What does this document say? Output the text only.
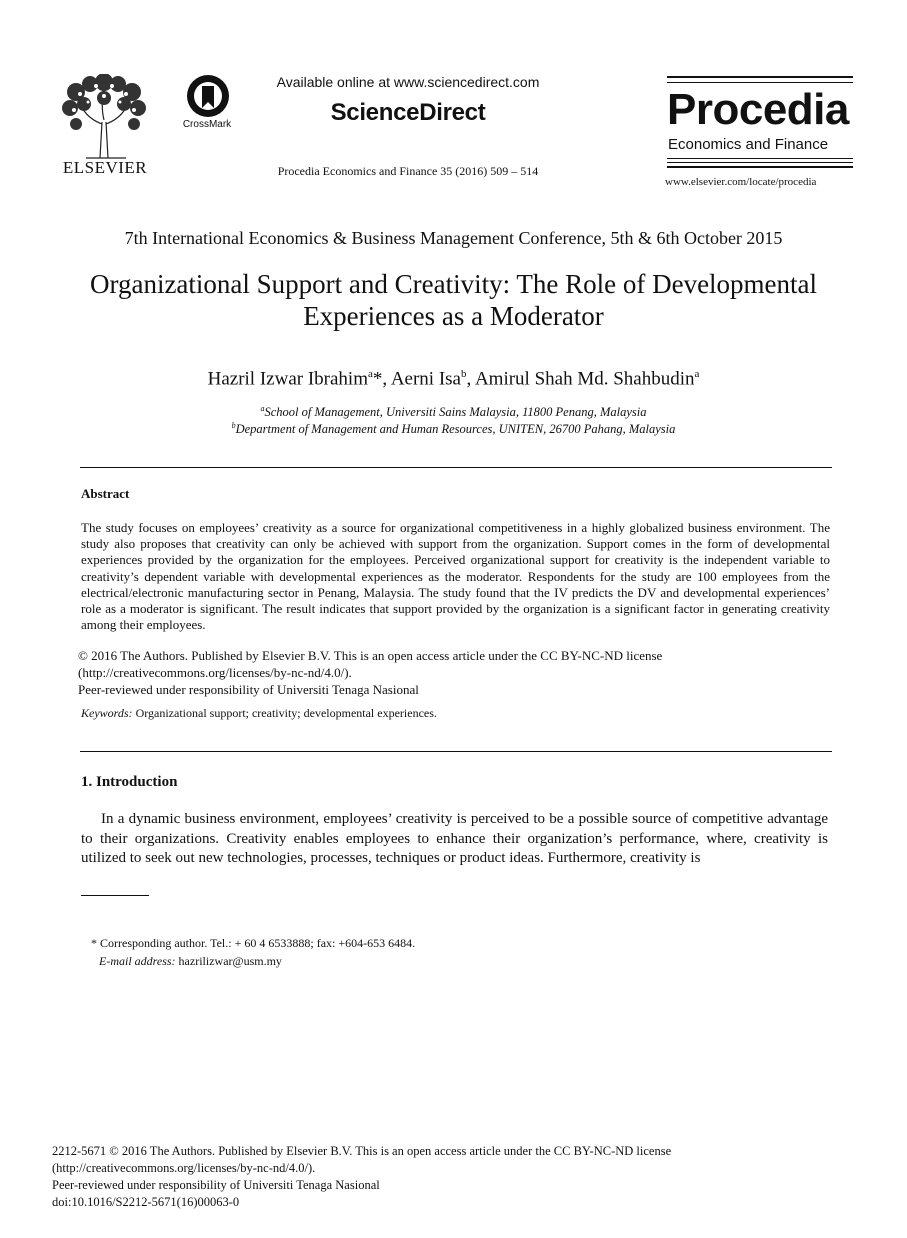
ELSEVIER
CrossMark
Available online at www.sciencedirect.com
ScienceDirect
Procedia Economics and Finance 35 (2016) 509 – 514
Procedia
Economics and Finance
www.elsevier.com/locate/procedia
7th International Economics & Business Management Conference, 5th & 6th October 2015
Organizational Support and Creativity: The Role of Developmental
Experiences as a Moderator
Hazril Izwar Ibrahim$^a$*, Aerni Isa$^b$, Amirul Shah Md. Shahbudin$^a$
$^a$School of Management, Universiti Sains Malaysia, 11800 Penang, Malaysia
$^b$Department of Management and Human Resources, UNITEN, 26700 Pahang, Malaysia
Abstract
The study focuses on employees’ creativity as a source for organizational competitiveness in a highly globalized business environment. The study also proposes that creativity can only be achieved with support from the organization. Support comes in the form of developmental experiences provided by the organization for the employees. Perceived organizational support for creativity is the independent variable to creativity’s dependent variable with developmental experiences as the moderator. Respondents for the study are 100 employees from the electrical/electronic manufacturing sector in Penang, Malaysia. The study found that the IV predicts the DV and developmental experiences’ role as a moderator is significant. The result indicates that support provided by the organization is a significant factor in generating creativity among their employees.
© 2016 The Authors. Published by Elsevier B.V. This is an open access article under the CC BY-NC-ND license
(http://creativecommons.org/licenses/by-nc-nd/4.0/).
Peer-reviewed under responsibility of Universiti Tenaga Nasional
Keywords: Organizational support; creativity; developmental experiences.
1. Introduction
In a dynamic business environment, employees’ creativity is perceived to be a possible source of competitive advantage to their organizations. Creativity enables employees to enhance their organization’s performance, where, creativity is utilized to seek out new technologies, processes, techniques or product ideas. Furthermore, creativity is
* Corresponding author. Tel.: + 60 4 6533888; fax: +604-653 6484.
E-mail address: hazrilizwar@usm.my
2212-5671 © 2016 The Authors. Published by Elsevier B.V. This is an open access article under the CC BY-NC-ND license
(http://creativecommons.org/licenses/by-nc-nd/4.0/).
Peer-reviewed under responsibility of Universiti Tenaga Nasional
doi:10.1016/S2212-5671(16)00063-0
